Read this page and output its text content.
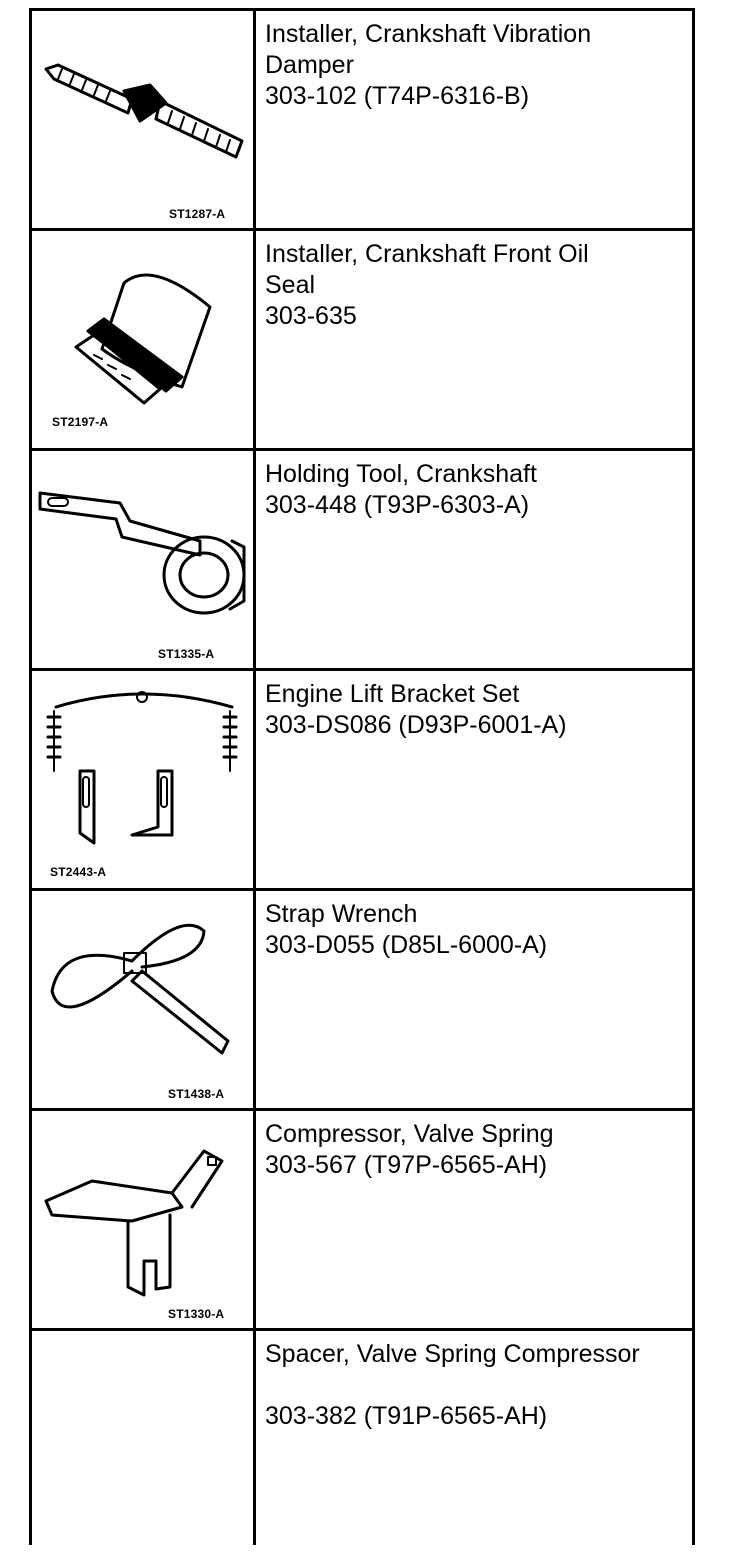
ST1287-A	Installer, Crankshaft Vibration Damper
303-102 (T74P-6316-B)

ST2197-A	Installer, Crankshaft Front Oil Seal
303-635

ST1335-A	Holding Tool, Crankshaft
303-448 (T93P-6303-A)

ST2443-A	Engine Lift Bracket Set
303-DS086 (D93P-6001-A)

ST1438-A	Strap Wrench
303-D055 (D85L-6000-A)

ST1330-A	Compressor, Valve Spring
303-567 (T97P-6565-AH)

	Spacer, Valve Spring Compressor
303-382 (T91P-6565-AH)
